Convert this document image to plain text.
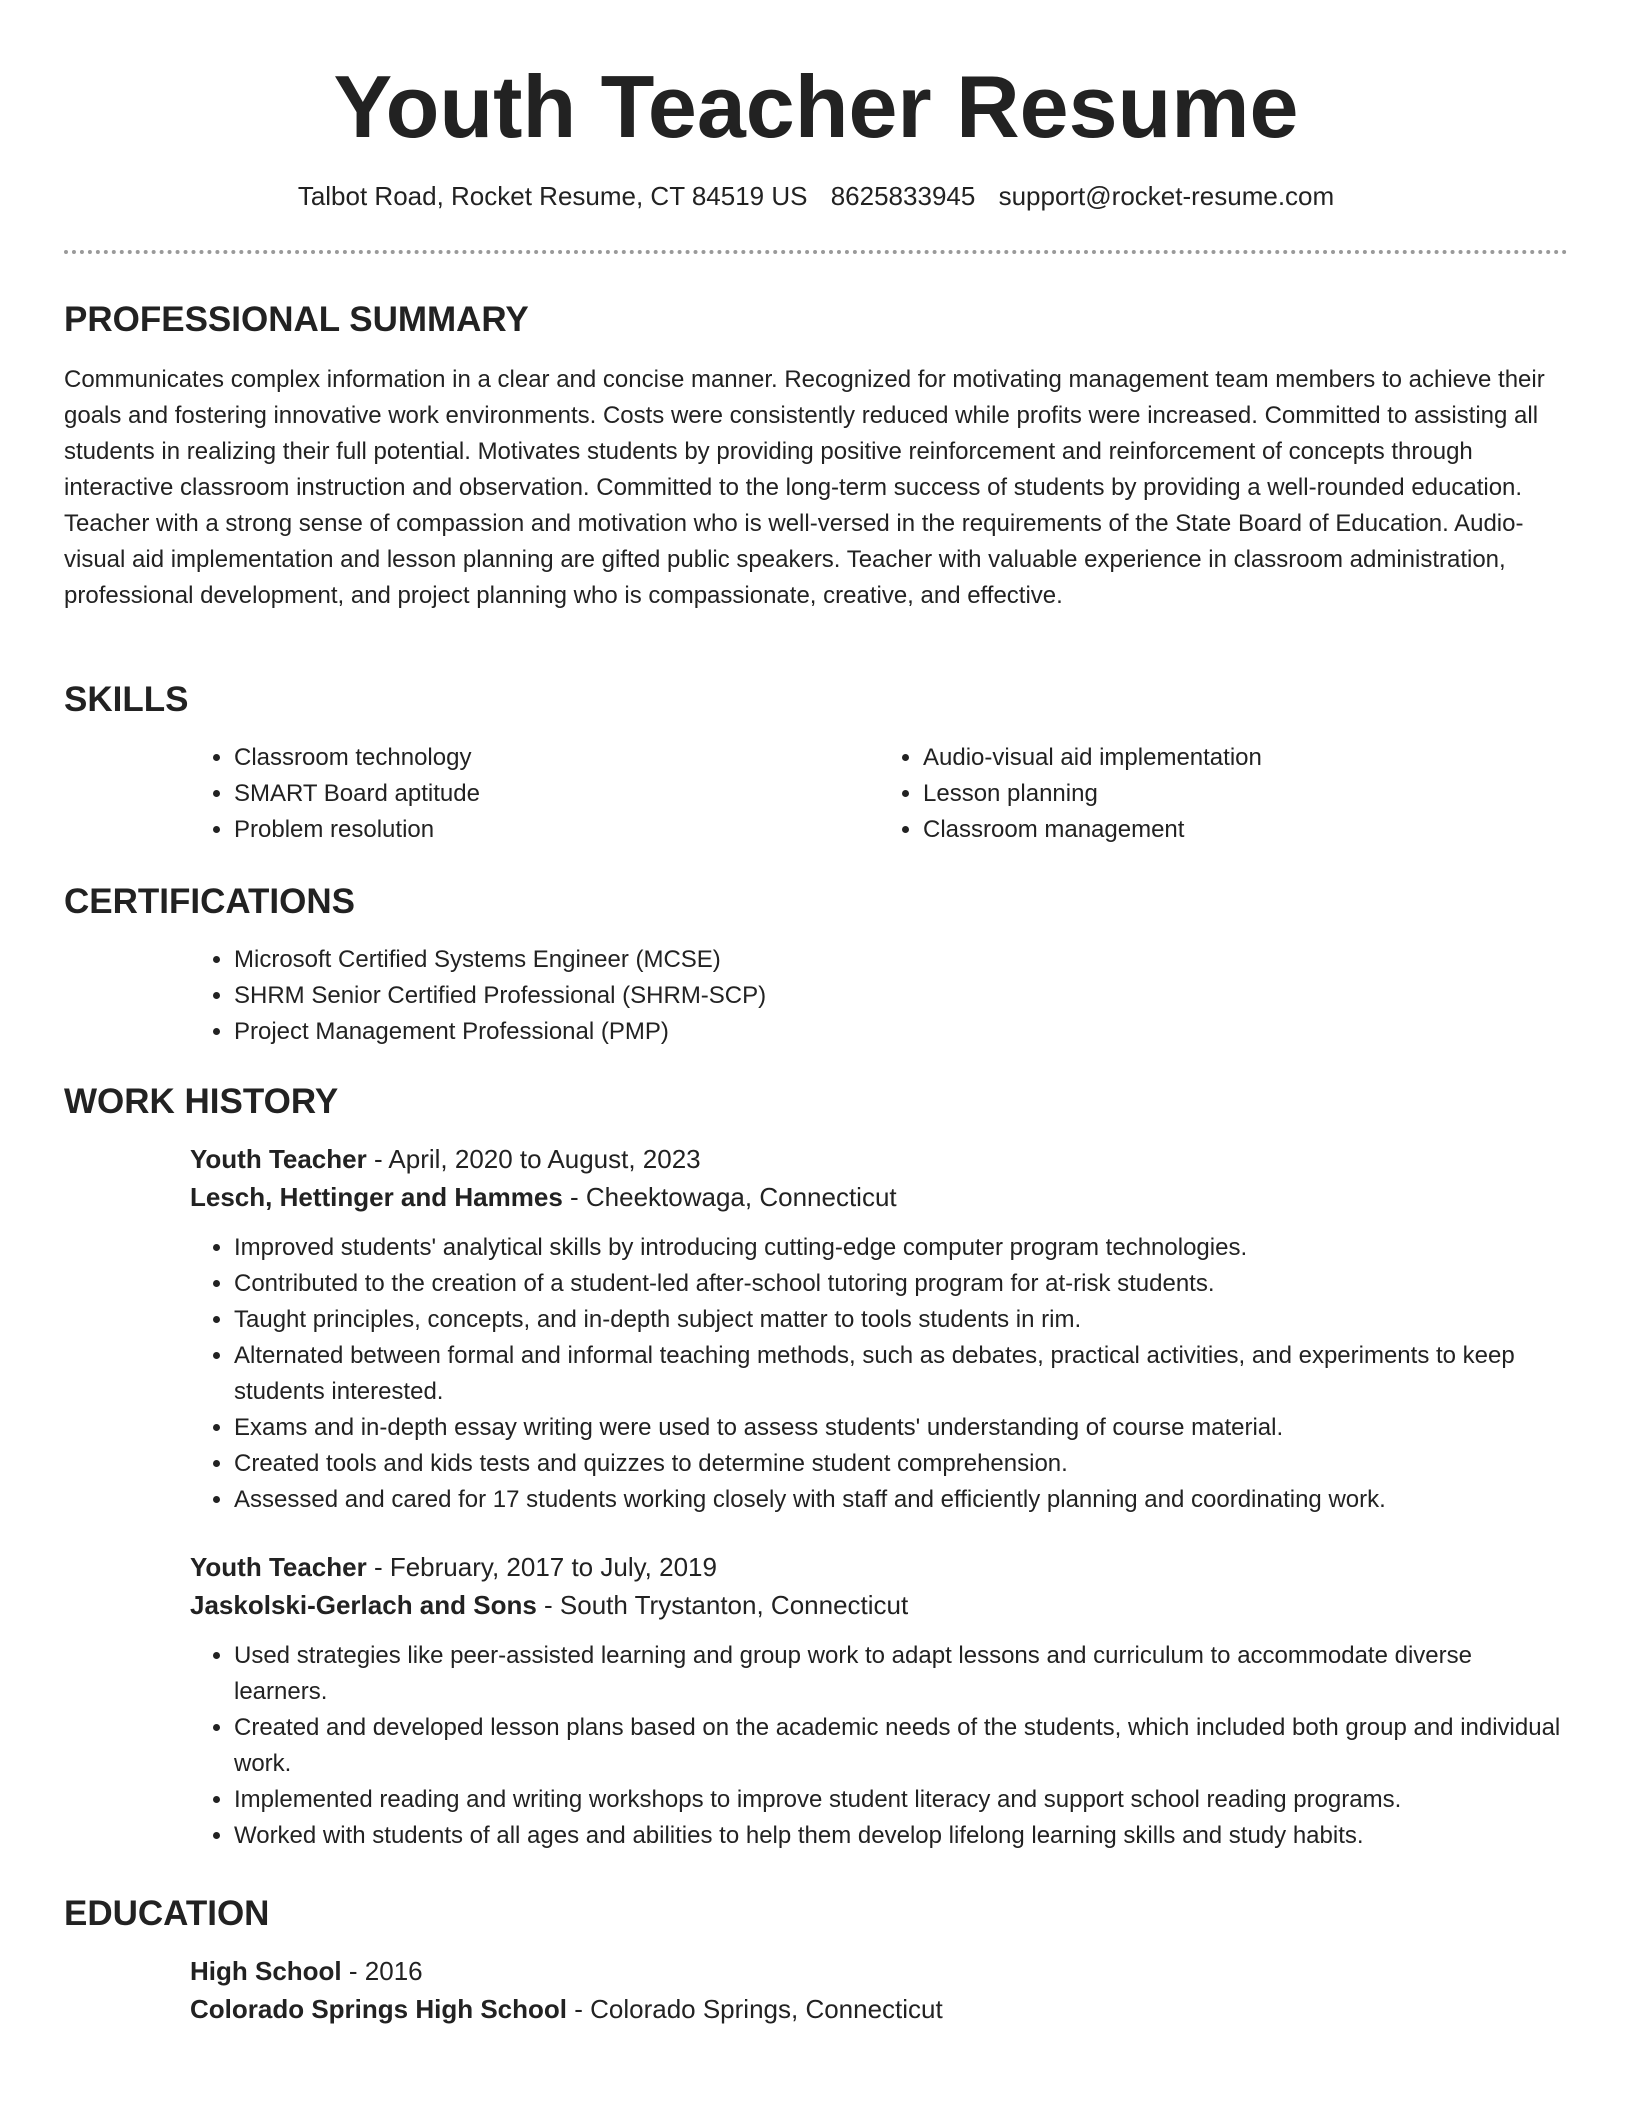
Youth Teacher Resume
Talbot Road, Rocket Resume, CT 84519 US 8625833945 support@rocket-resume.com
PROFESSIONAL SUMMARY

Communicates complex information in a clear and concise manner. Recognized for motivating management team members to achieve their goals and fostering innovative work environments. Costs were consistently reduced while profits were increased. Committed to assisting all students in realizing their full potential. Motivates students by providing positive reinforcement and reinforcement of concepts through interactive classroom instruction and observation. Committed to the long-term success of students by providing a well-rounded education. Teacher with a strong sense of compassion and motivation who is well-versed in the requirements of the State Board of Education. Audio-visual aid implementation and lesson planning are gifted public speakers. Teacher with valuable experience in classroom administration, professional development, and project planning who is compassionate, creative, and effective.

SKILLS
• Classroom technology
• SMART Board aptitude
• Problem resolution
• Audio-visual aid implementation
• Lesson planning
• Classroom management
CERTIFICATIONS
• Microsoft Certified Systems Engineer (MCSE)
• SHRM Senior Certified Professional (SHRM-SCP)
• Project Management Professional (PMP)
WORK HISTORY
Youth Teacher - April, 2020 to August, 2023
Lesch, Hettinger and Hammes - Cheektowaga, Connecticut
• Improved students' analytical skills by introducing cutting-edge computer program technologies.
• Contributed to the creation of a student-led after-school tutoring program for at-risk students.
• Taught principles, concepts, and in-depth subject matter to tools students in rim.
• Alternated between formal and informal teaching methods, such as debates, practical activities, and experiments to keep students interested.
• Exams and in-depth essay writing were used to assess students' understanding of course material.
• Created tools and kids tests and quizzes to determine student comprehension.
• Assessed and cared for 17 students working closely with staff and efficiently planning and coordinating work.
Youth Teacher - February, 2017 to July, 2019
Jaskolski-Gerlach and Sons - South Trystanton, Connecticut
• Used strategies like peer-assisted learning and group work to adapt lessons and curriculum to accommodate diverse learners.
• Created and developed lesson plans based on the academic needs of the students, which included both group and individual work.
• Implemented reading and writing workshops to improve student literacy and support school reading programs.
• Worked with students of all ages and abilities to help them develop lifelong learning skills and study habits.
EDUCATION
High School - 2016
Colorado Springs High School - Colorado Springs, Connecticut
